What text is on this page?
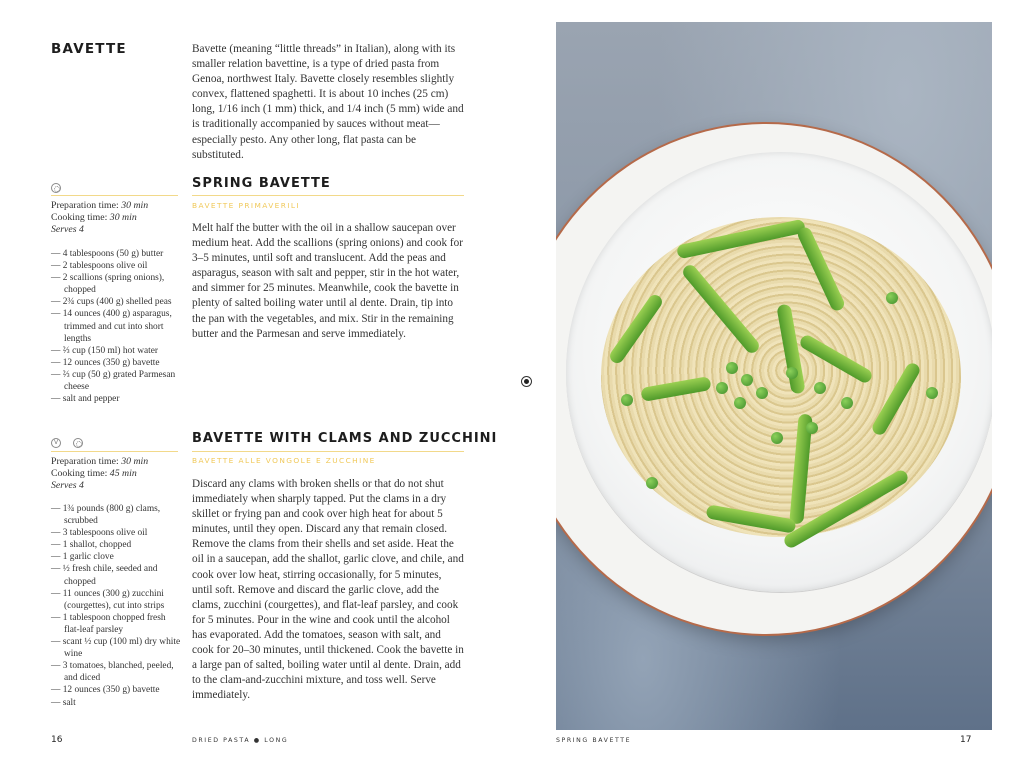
BAVETTE	Bavette (meaning “little threads” in Italian), along with its smaller relation bavettine, is a type of dried pasta from Genoa, northwest Italy. Bavette closely resembles slightly convex, flattened spaghetti. It is about 10 inches (25 cm) long, 1/16 inch (1 mm) thick, and 1/4 inch (5 mm) wide and is traditionally accompanied by sauces without meat—especially pesto. Any other long, flat pasta can be substituted.

SPRING BAVETTE
BAVETTE PRIMAVERILI
Preparation time: 30 min
Cooking time: 30 min
Serves 4
— 4 tablespoons (50 g) butter
— 2 tablespoons olive oil
— 2 scallions (spring onions), chopped
— 2¾ cups (400 g) shelled peas
— 14 ounces (400 g) asparagus, trimmed and cut into short lengths
— ⅔ cup (150 ml) hot water
— 12 ounces (350 g) bavette
— ⅔ cup (50 g) grated Parmesan cheese
— salt and pepper

Melt half the butter with the oil in a shallow saucepan over medium heat. Add the scallions (spring onions) and cook for 3–5 minutes, until soft and translucent. Add the peas and asparagus, season with salt and pepper, stir in the hot water, and simmer for 25 minutes. Meanwhile, cook the bavette in plenty of salted boiling water until al dente. Drain, tip into the pan with the vegetables, and mix. Stir in the remaining butter and the Parmesan and serve immediately.

V
BAVETTE WITH CLAMS AND ZUCCHINI
BAVETTE ALLE VONGOLE E ZUCCHINE
Preparation time: 30 min
Cooking time: 45 min
Serves 4
— 1¾ pounds (800 g) clams, scrubbed
— 3 tablespoons olive oil
— 1 shallot, chopped
— 1 garlic clove
— ½ fresh chile, seeded and chopped
— 11 ounces (300 g) zucchini (courgettes), cut into strips
— 1 tablespoon chopped fresh flat-leaf parsley
— scant ½ cup (100 ml) dry white wine
— 3 tomatoes, blanched, peeled, and diced
— 12 ounces (350 g) bavette
— salt

Discard any clams with broken shells or that do not shut immediately when sharply tapped. Put the clams in a dry skillet or frying pan and cook over high heat for about 5 minutes, until they open. Discard any that remain closed. Remove the clams from their shells and set aside. Heat the oil in a saucepan, add the shallot, garlic clove, and chile, and cook over low heat, stirring occasionally, for 5 minutes, until soft. Remove and discard the garlic clove, add the clams, zucchini (courgettes), and flat-leaf parsley, and cook for 5 minutes. Pour in the wine and cook until the alcohol has evaporated. Add the tomatoes, season with salt, and cook for 20–30 minutes, until thickened. Cook the bavette in a large pan of salted, boiling water until al dente. Drain, add to the clam-and-zucchini mixture, and toss well. Serve immediately.

16	DRIED PASTA ● LONG	SPRING BAVETTE	17
